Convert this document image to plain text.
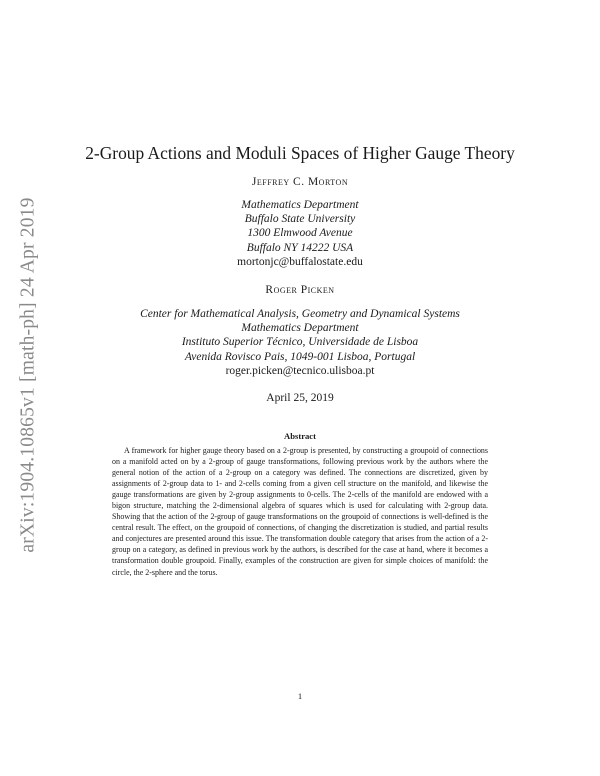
arXiv:1904.10865v1 [math-ph] 24 Apr 2019
2-Group Actions and Moduli Spaces of Higher Gauge Theory
Jeffrey C. Morton
Mathematics Department
Buffalo State University
1300 Elmwood Avenue
Buffalo NY 14222 USA
mortonjc@buffalostate.edu
Roger Picken
Center for Mathematical Analysis, Geometry and Dynamical Systems
Mathematics Department
Instituto Superior Técnico, Universidade de Lisboa
Avenida Rovisco Pais, 1049-001 Lisboa, Portugal
roger.picken@tecnico.ulisboa.pt
April 25, 2019
Abstract
A framework for higher gauge theory based on a 2-group is presented, by constructing a groupoid of connections on a manifold acted on by a 2-group of gauge transformations, following previous work by the authors where the general notion of the action of a 2-group on a category was defined. The connections are discretized, given by assignments of 2-group data to 1- and 2-cells coming from a given cell structure on the manifold, and likewise the gauge transformations are given by 2-group assignments to 0-cells. The 2-cells of the manifold are endowed with a bigon structure, matching the 2-dimensional algebra of squares which is used for calculating with 2-group data. Showing that the action of the 2-group of gauge transformations on the groupoid of connections is well-defined is the central result. The effect, on the groupoid of connections, of changing the discretization is studied, and partial results and conjectures are presented around this issue. The transformation double category that arises from the action of a 2-group on a category, as defined in previous work by the authors, is described for the case at hand, where it becomes a transformation double groupoid. Finally, examples of the construction are given for simple choices of manifold: the circle, the 2-sphere and the torus.
1
